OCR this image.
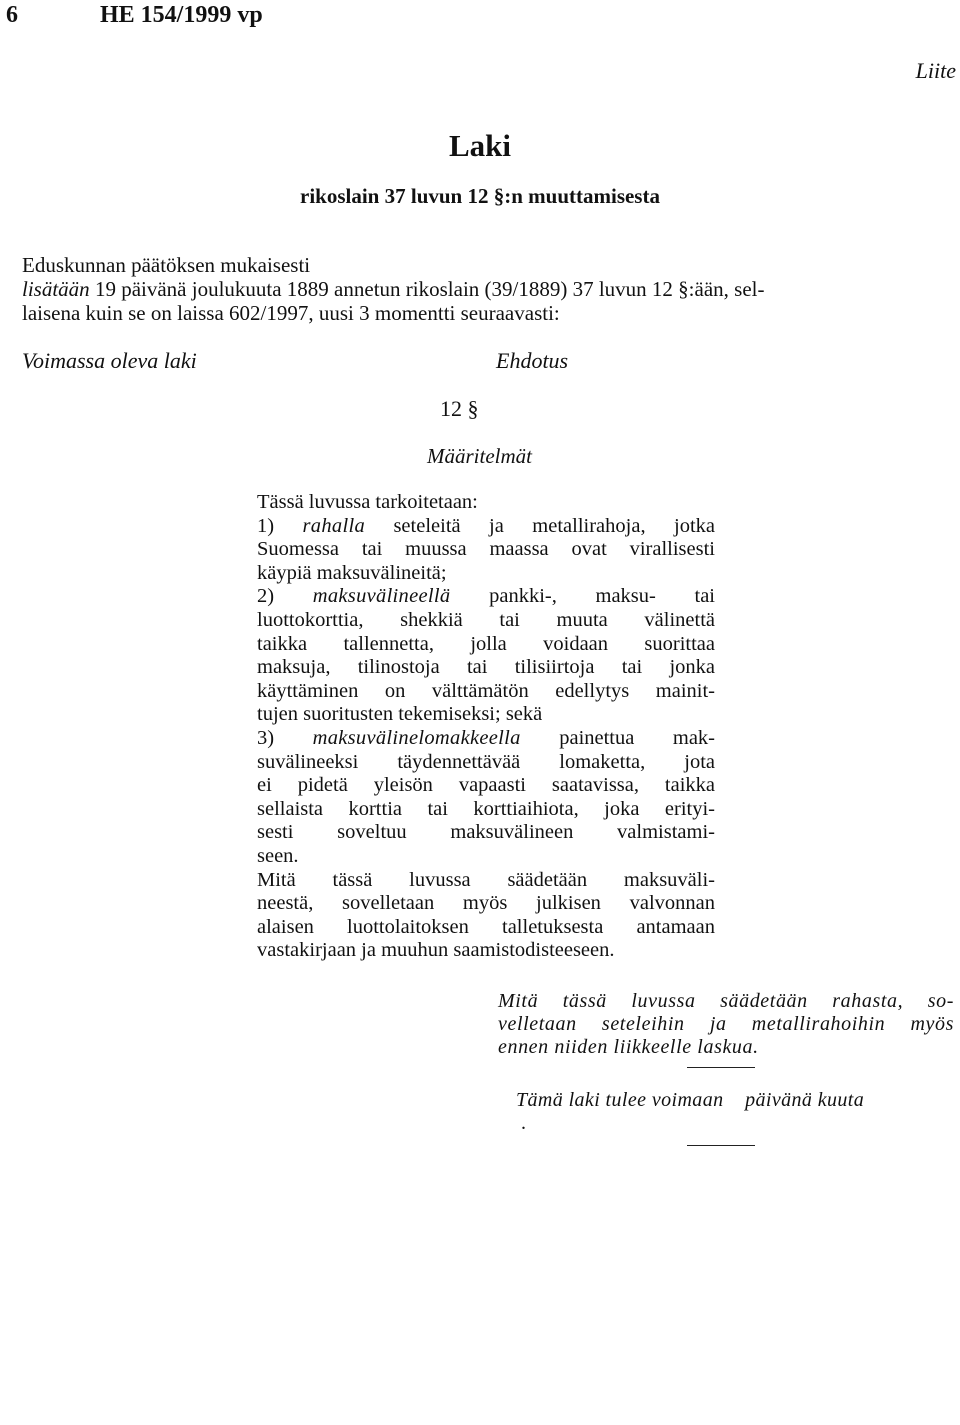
6	HE 154/1999 vp
Liite
Laki
rikoslain 37 luvun 12 §:n muuttamisesta
Eduskunnan päätöksen mukaisesti
lisätään 19 päivänä joulukuuta 1889 annetun rikoslain (39/1889) 37 luvun 12 §:ään, sel-
laisena kuin se on laissa 602/1997, uusi 3 momentti seuraavasti:
Voimassa oleva laki	Ehdotus
12 §
Määritelmät
Tässä luvussa tarkoitetaan:
1) rahalla seteleitä ja metallirahoja, jotka
Suomessa tai muussa maassa ovat virallisesti
käypiä maksuvälineitä;
2) maksuvälineellä pankki-, maksu- tai
luottokorttia, shekkiä tai muuta välinettä
taikka tallennetta, jolla voidaan suorittaa
maksuja, tilinostoja tai tilisiirtoja tai jonka
käyttäminen on välttämätön edellytys mainit-
tujen suoritusten tekemiseksi; sekä
3) maksuvälinelomakkeella painettua mak-
suvälineeksi täydennettävää lomaketta, jota
ei pidetä yleisön vapaasti saatavissa, taikka
sellaista korttia tai korttiaihiota, joka erityi-
sesti soveltuu maksuvälineen valmistami-
seen.
Mitä tässä luvussa säädetään maksuväli-
neestä, sovelletaan myös julkisen valvonnan
alaisen luottolaitoksen talletuksesta antamaan
vastakirjaan ja muuhun saamistodisteeseen.
Mitä tässä luvussa säädetään rahasta, so-
velletaan seteleihin ja metallirahoihin myös
ennen niiden liikkeelle laskua.
Tämä laki tulee voimaan    päivänä kuuta
.
